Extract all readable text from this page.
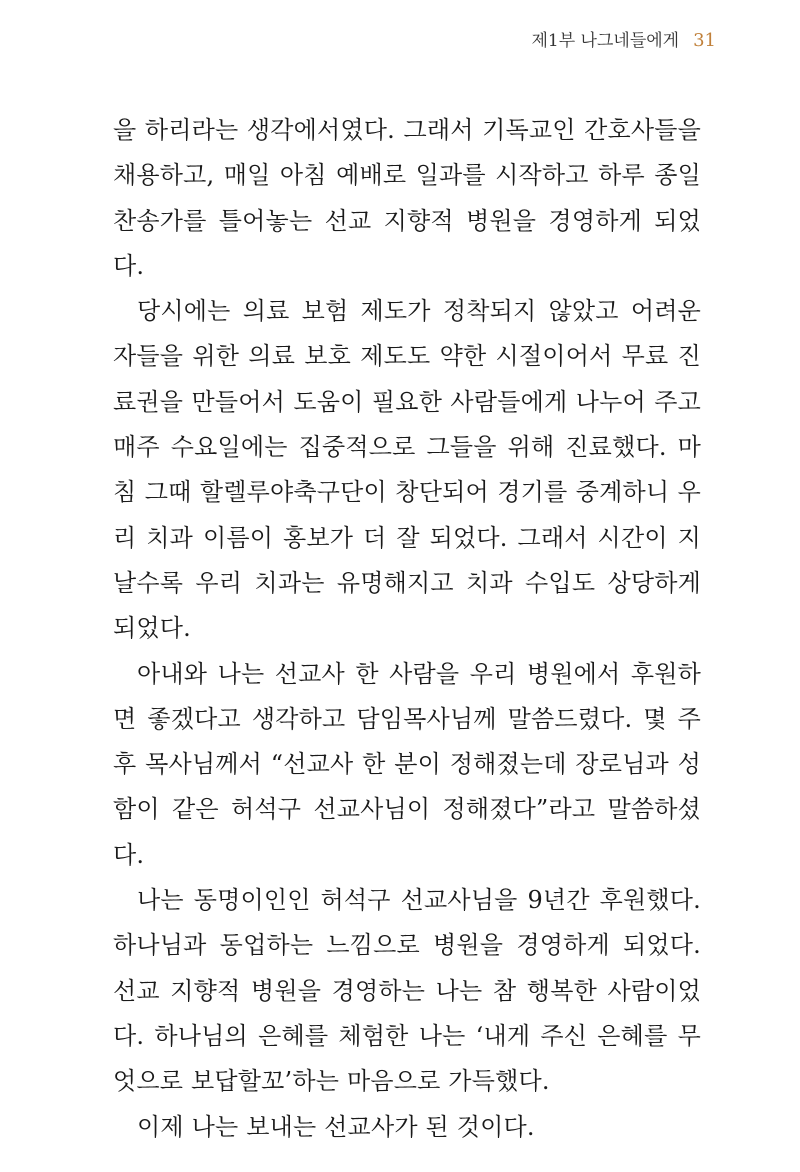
제1부 나그네들에게 31

을 하리라는 생각에서였다. 그래서 기독교인 간호사들을 채용하고, 매일 아침 예배로 일과를 시작하고 하루 종일 찬송가를 틀어놓는 선교 지향적 병원을 경영하게 되었다.

당시에는 의료 보험 제도가 정착되지 않았고 어려운 자들을 위한 의료 보호 제도도 약한 시절이어서 무료 진료권을 만들어서 도움이 필요한 사람들에게 나누어 주고 매주 수요일에는 집중적으로 그들을 위해 진료했다. 마침 그때 할렐루야축구단이 창단되어 경기를 중계하니 우리 치과 이름이 홍보가 더 잘 되었다. 그래서 시간이 지날수록 우리 치과는 유명해지고 치과 수입도 상당하게 되었다.

아내와 나는 선교사 한 사람을 우리 병원에서 후원하면 좋겠다고 생각하고 담임목사님께 말씀드렸다. 몇 주 후 목사님께서 “선교사 한 분이 정해졌는데 장로님과 성함이 같은 허석구 선교사님이 정해졌다”라고 말씀하셨다.

나는 동명이인인 허석구 선교사님을 9년간 후원했다. 하나님과 동업하는 느낌으로 병원을 경영하게 되었다. 선교 지향적 병원을 경영하는 나는 참 행복한 사람이었다. 하나님의 은혜를 체험한 나는 ‘내게 주신 은혜를 무엇으로 보답할꼬’하는 마음으로 가득했다.

이제 나는 보내는 선교사가 된 것이다.
